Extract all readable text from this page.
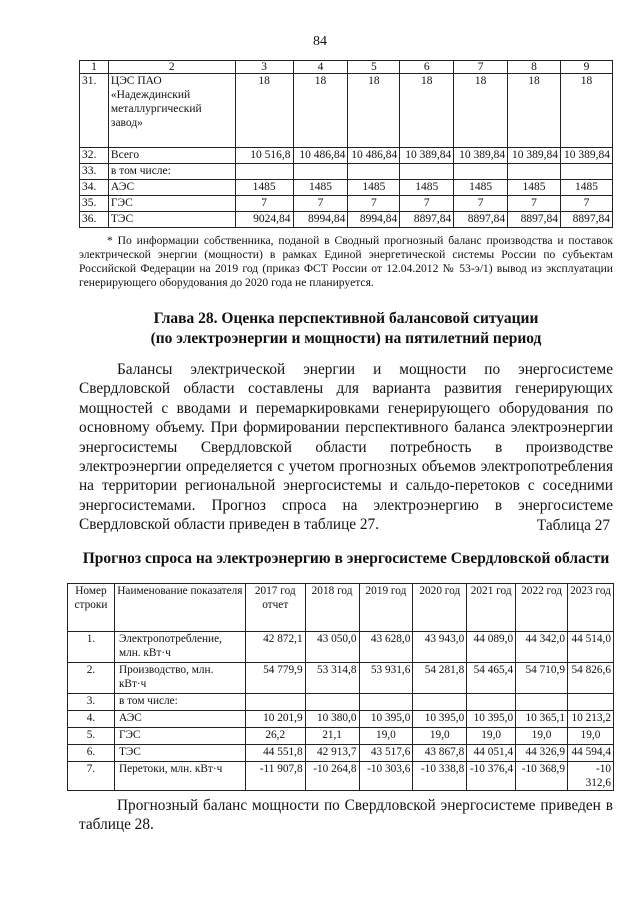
84
1	2	3	4	5	6	7	8	9
31.	ЦЭС ПАО «Надеждинский металлургический завод»	18	18	18	18	18	18	18
32.	Всего	10 516,8	10 486,84	10 486,84	10 389,84	10 389,84	10 389,84	10 389,84
33.	в том числе:							
34.	АЭС	1485	1485	1485	1485	1485	1485	1485
35.	ГЭС	7	7	7	7	7	7	7
36.	ТЭС	9024,84	8994,84	8994,84	8897,84	8897,84	8897,84	8897,84
* По информации собственника, поданой в Сводный прогнозный баланс производства и поставок электрической энергии (мощности) в рамках Единой энергетической системы России по субъектам Российской Федерации на 2019 год (приказ ФСТ России от 12.04.2012 № 53-э/1) вывод из эксплуатации генерирующего оборудования до 2020 года не планируется.
Глава 28. Оценка перспективной балансовой ситуации
(по электроэнергии и мощности) на пятилетний период
Балансы электрической энергии и мощности по энергосистеме Свердловской области составлены для варианта развития генерирующих мощностей с вводами и перемаркировками генерирующего оборудования по основному объему. При формировании перспективного баланса электроэнергии энергосистемы Свердловской области потребность в производстве электроэнергии определяется с учетом прогнозных объемов электропотребления на территории региональной энергосистемы и сальдо-перетоков с соседними энергосистемами. Прогноз спроса на электроэнергию в энергосистеме Свердловской области приведен в таблице 27.	Таблица 27
Прогноз спроса на электроэнергию в энергосистеме Свердловской области
Номер строки	Наименование показателя	2017 год отчет	2018 год	2019 год	2020 год	2021 год	2022 год	2023 год
1.	Электропотребление, млн. кВт·ч	42 872,1	43 050,0	43 628,0	43 943,0	44 089,0	44 342,0	44 514,0
2.	Производство, млн. кВт·ч	54 779,9	53 314,8	53 931,6	54 281,8	54 465,4	54 710,9	54 826,6
3.	в том числе:							
4.	АЭС	10 201,9	10 380,0	10 395,0	10 395,0	10 395,0	10 365,1	10 213,2
5.	ГЭС	26,2	21,1	19,0	19,0	19,0	19,0	19,0
6.	ТЭС	44 551,8	42 913,7	43 517,6	43 867,8	44 051,4	44 326,9	44 594,4
7.	Перетоки, млн. кВт·ч	-11 907,8	-10 264,8	-10 303,6	-10 338,8	-10 376,4	-10 368,9	-10 312,6
Прогнозный баланс мощности по Свердловской энергосистеме приведен в таблице 28.
